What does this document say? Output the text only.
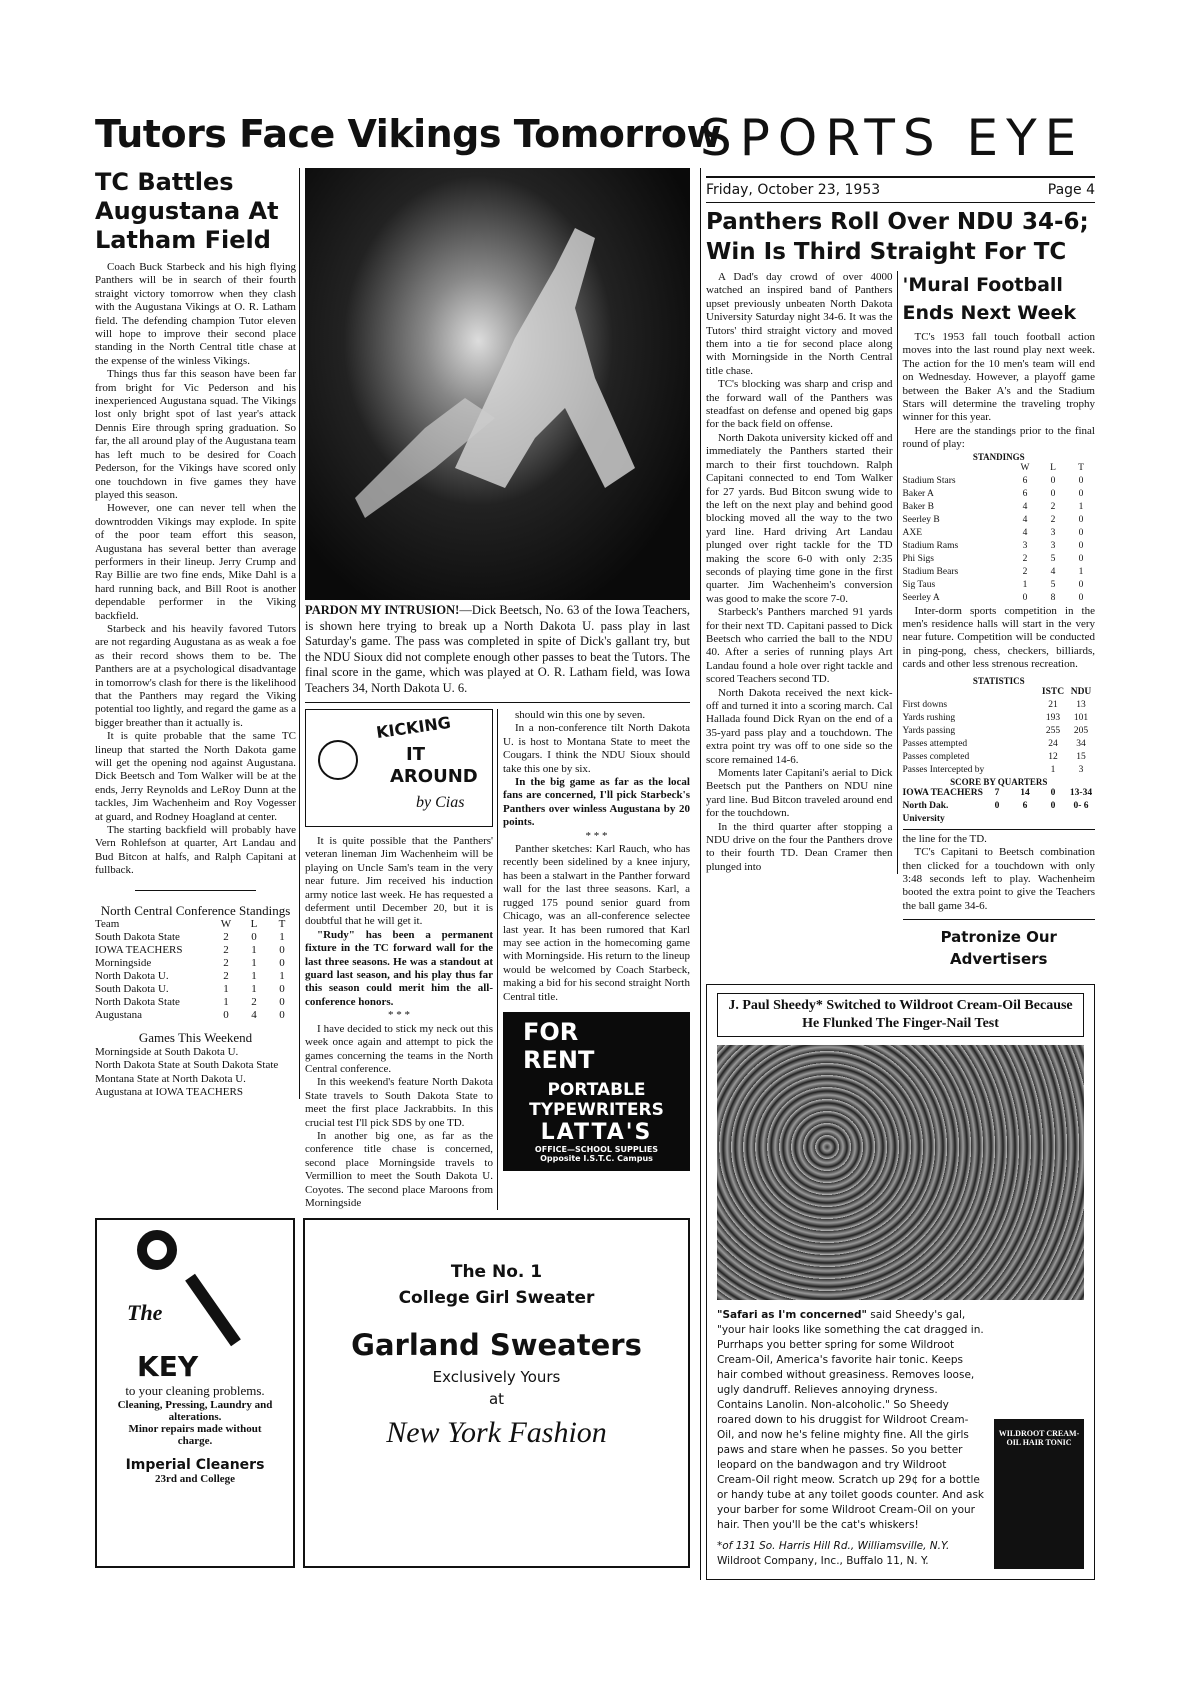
Tutors Face Vikings Tomorrow
SPORTS EYE
TC Battles Augustana At Latham Field

Coach Buck Starbeck and his high flying Panthers will be in search of their fourth straight victory tomorrow when they clash with the Augustana Vikings at O. R. Latham field. The defending champion Tutor eleven will hope to improve their second place standing in the North Central title chase at the expense of the winless Vikings.

Things thus far this season have been far from bright for Vic Pederson and his inexperienced Augustana squad. The Vikings lost only bright spot of last year's attack Dennis Eire through spring graduation. So far, the all around play of the Augustana team has left much to be desired for Coach Pederson, for the Vikings have scored only one touchdown in five games they have played this season.

However, one can never tell when the downtrodden Vikings may explode. In spite of the poor team effort this season, Augustana has several better than average performers in their lineup. Jerry Crump and Ray Billie are two fine ends, Mike Dahl is a hard running back, and Bill Root is another dependable performer in the Viking backfield.

Starbeck and his heavily favored Tutors are not regarding Augustana as as weak a foe as their record shows them to be. The Panthers are at a psychological disadvantage in tomorrow's clash for there is the likelihood that the Panthers may regard the Viking potential too lightly, and regard the game as a bigger breather than it actually is.

It is quite probable that the same TC lineup that started the North Dakota game will get the opening nod against Augustana. Dick Beetsch and Tom Walker will be at the ends, Jerry Reynolds and LeRoy Dunn at the tackles, Jim Wachenheim and Roy Vogesser at guard, and Rodney Hoagland at center.

The starting backfield will probably have Vern Rohlefson at quarter, Art Landau and Bud Bitcon at halfs, and Ralph Capitani at fullback.

North Central Conference Standings
Team	W	L	T
South Dakota State	2	0	1
IOWA TEACHERS	2	1	0
Morningside	2	1	0
North Dakota U.	2	1	1
South Dakota U.	1	1	0
North Dakota State	1	2	0
Augustana	0	4	0
Games This Weekend
Morningside at South Dakota U.
North Dakota State at South Dakota State
Montana State at North Dakota U.
Augustana at IOWA TEACHERS
PARDON MY INTRUSION!—Dick Beetsch, No. 63 of the Iowa Teachers, is shown here trying to break up a North Dakota U. pass play in last Saturday's game. The pass was completed in spite of Dick's gallant try, but the NDU Sioux did not complete enough other passes to beat the Tutors. The final score in the game, which was played at O. R. Latham field, was Iowa Teachers 34, North Dakota U. 6.
KICKING
IT
AROUND
by Cias

It is quite possible that the Panthers' veteran lineman Jim Wachenheim will be playing on Uncle Sam's team in the very near future. Jim received his induction army notice last week. He has requested a deferment until December 20, but it is doubtful that he will get it.

"Rudy" has been a permanent fixture in the TC forward wall for the last three seasons. He was a standout at guard last season, and his play thus far this season could merit him the all-conference honors.

* * *

I have decided to stick my neck out this week once again and attempt to pick the games concerning the teams in the North Central conference.

In this weekend's feature North Dakota State travels to South Dakota State to meet the first place Jackrabbits. In this crucial test I'll pick SDS by one TD.

In another big one, as far as the conference title chase is concerned, second place Morningside travels to Vermillion to meet the South Dakota U. Coyotes. The second place Maroons from Morningside

should win this one by seven.

In a non-conference tilt North Dakota U. is host to Montana State to meet the Cougars. I think the NDU Sioux should take this one by six.

In the big game as far as the local fans are concerned, I'll pick Starbeck's Panthers over winless Augustana by 20 points.

* * *

Panther sketches: Karl Rauch, who has recently been sidelined by a knee injury, has been a stalwart in the Panther forward wall for the last three seasons. Karl, a rugged 175 pound senior guard from Chicago, was an all-conference selectee last year. It has been rumored that Karl may see action in the homecoming game with Morningside. His return to the lineup would be welcomed by Coach Starbeck, making a bid for his second straight North Central title.

FOR
RENT
PORTABLE
TYPEWRITERS
LATTA'S
OFFICE—SCHOOL SUPPLIES
Opposite I.S.T.C. Campus
The
KEY
to your cleaning problems.
Cleaning, Pressing, Laundry and alterations.
Minor repairs made without charge.
Imperial Cleaners
23rd and College
The No. 1
College Girl Sweater
Garland Sweaters
Exclusively Yours
at
New York Fashion
Friday, October 23, 1953	Page 4
Panthers Roll Over NDU 34-6; Win Is Third Straight For TC

A Dad's day crowd of over 4000 watched an inspired band of Panthers upset previously unbeaten North Dakota University Saturday night 34-6. It was the Tutors' third straight victory and moved them into a tie for second place along with Morningside in the North Central title chase.

TC's blocking was sharp and crisp and the forward wall of the Panthers was steadfast on defense and opened big gaps for the back field on offense.

North Dakota university kicked off and immediately the Panthers started their march to their first touchdown. Ralph Capitani connected to end Tom Walker for 27 yards. Bud Bitcon swung wide to the left on the next play and behind good blocking moved all the way to the two yard line. Hard driving Art Landau plunged over right tackle for the TD making the score 6-0 with only 2:35 seconds of playing time gone in the first quarter. Jim Wachenheim's conversion was good to make the score 7-0.

Starbeck's Panthers marched 91 yards for their next TD. Capitani passed to Dick Beetsch who carried the ball to the NDU 40. After a series of running plays Art Landau found a hole over right tackle and scored Teachers second TD.

North Dakota received the next kick-off and turned it into a scoring march. Cal Hallada found Dick Ryan on the end of a 35-yard pass play and a touchdown. The extra point try was off to one side so the score remained 14-6.

Moments later Capitani's aerial to Dick Beetsch put the Panthers on NDU nine yard line. Bud Bitcon traveled around end for the touchdown.

In the third quarter after stopping a NDU drive on the four the Panthers drove to their fourth TD. Dean Cramer then plunged into

'Mural Football Ends Next Week

TC's 1953 fall touch football action moves into the last round play next week. The action for the 10 men's team will end on Wednesday. However, a playoff game between the Baker A's and the Stadium Stars will determine the traveling trophy winner for this year.

Here are the standings prior to the final round of play:

STANDINGS
	W	L	T
Stadium Stars	6	0	0
Baker A	6	0	0
Baker B	4	2	1
Seerley B	4	2	0
AXE	4	3	0
Stadium Rams	3	3	0
Phi Sigs	2	5	0
Stadium Bears	2	4	1
Sig Taus	1	5	0
Seerley A	0	8	0

Inter-dorm sports competition in the men's residence halls will start in the very near future. Competition will be conducted in ping-pong, chess, checkers, billiards, cards and other less strenous recreation.

STATISTICS
	ISTC	NDU
First downs	21	13
Yards rushing	193	101
Yards passing	255	205
Passes attempted	24	34
Passes completed	12	15
Passes Intercepted by	1	3
SCORE BY QUARTERS
IOWA TEACHERS	7	14	0	13-34
North Dak. University	0	6	0	0- 6
the line for the TD.

TC's Capitani to Beetsch combination then clicked for a touchdown with only 3:48 seconds left to play. Wachenheim booted the extra point to give the Teachers the ball game 34-6.

Patronize Our Advertisers
J. Paul Sheedy* Switched to Wildroot Cream-Oil Because He Flunked The Finger-Nail Test
"Safari as I'm concerned" said Sheedy's gal, "your hair looks like something the cat dragged in. Purrhaps you better spring for some Wildroot Cream-Oil, America's favorite hair tonic. Keeps hair combed without greasiness. Removes loose, ugly dandruff. Relieves annoying dryness. Contains Lanolin. Non-alcoholic." So Sheedy roared down to his druggist for Wildroot Cream-Oil, and now he's feline mighty fine. All the girls paws and stare when he passes. So you better leopard on the bandwagon and try Wildroot Cream-Oil right meow. Scratch up 29¢ for a bottle or handy tube at any toilet goods counter. And ask your barber for some Wildroot Cream-Oil on your hair. Then you'll be the cat's whiskers!
*of 131 So. Harris Hill Rd., Williamsville, N.Y.
Wildroot Company, Inc., Buffalo 11, N. Y.
WILDROOT CREAM-OIL HAIR TONIC
